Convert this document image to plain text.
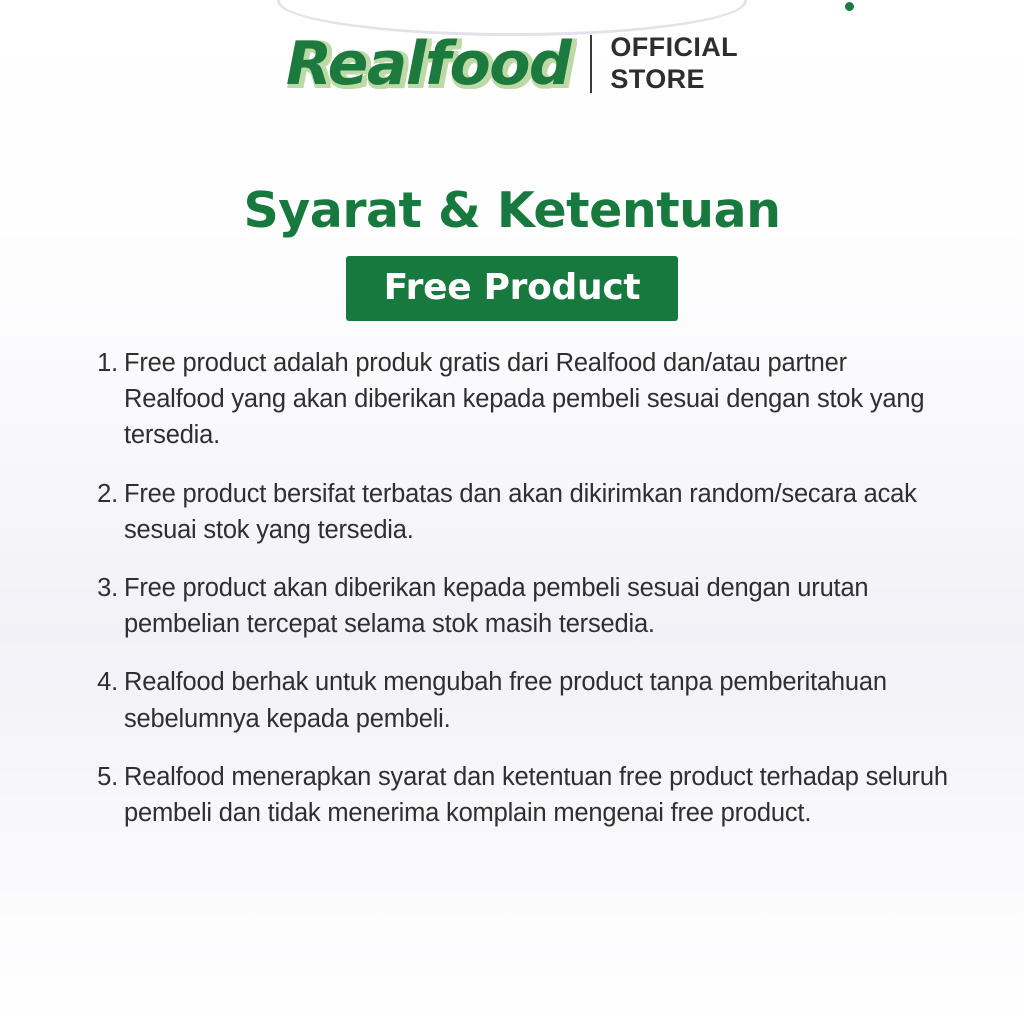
Realfood OFFICIAL
STORE
Syarat & Ketentuan
Free Product
Free product adalah produk gratis dari Realfood dan/atau partner Realfood yang akan diberikan kepada pembeli sesuai dengan stok yang tersedia.
Free product bersifat terbatas dan akan dikirimkan random/secara acak sesuai stok yang tersedia.
Free product akan diberikan kepada pembeli sesuai dengan urutan pembelian tercepat selama stok masih tersedia.
Realfood berhak untuk mengubah free product tanpa pemberitahuan sebelumnya kepada pembeli.
Realfood menerapkan syarat dan ketentuan free product terhadap seluruh pembeli dan tidak menerima komplain mengenai free product.
